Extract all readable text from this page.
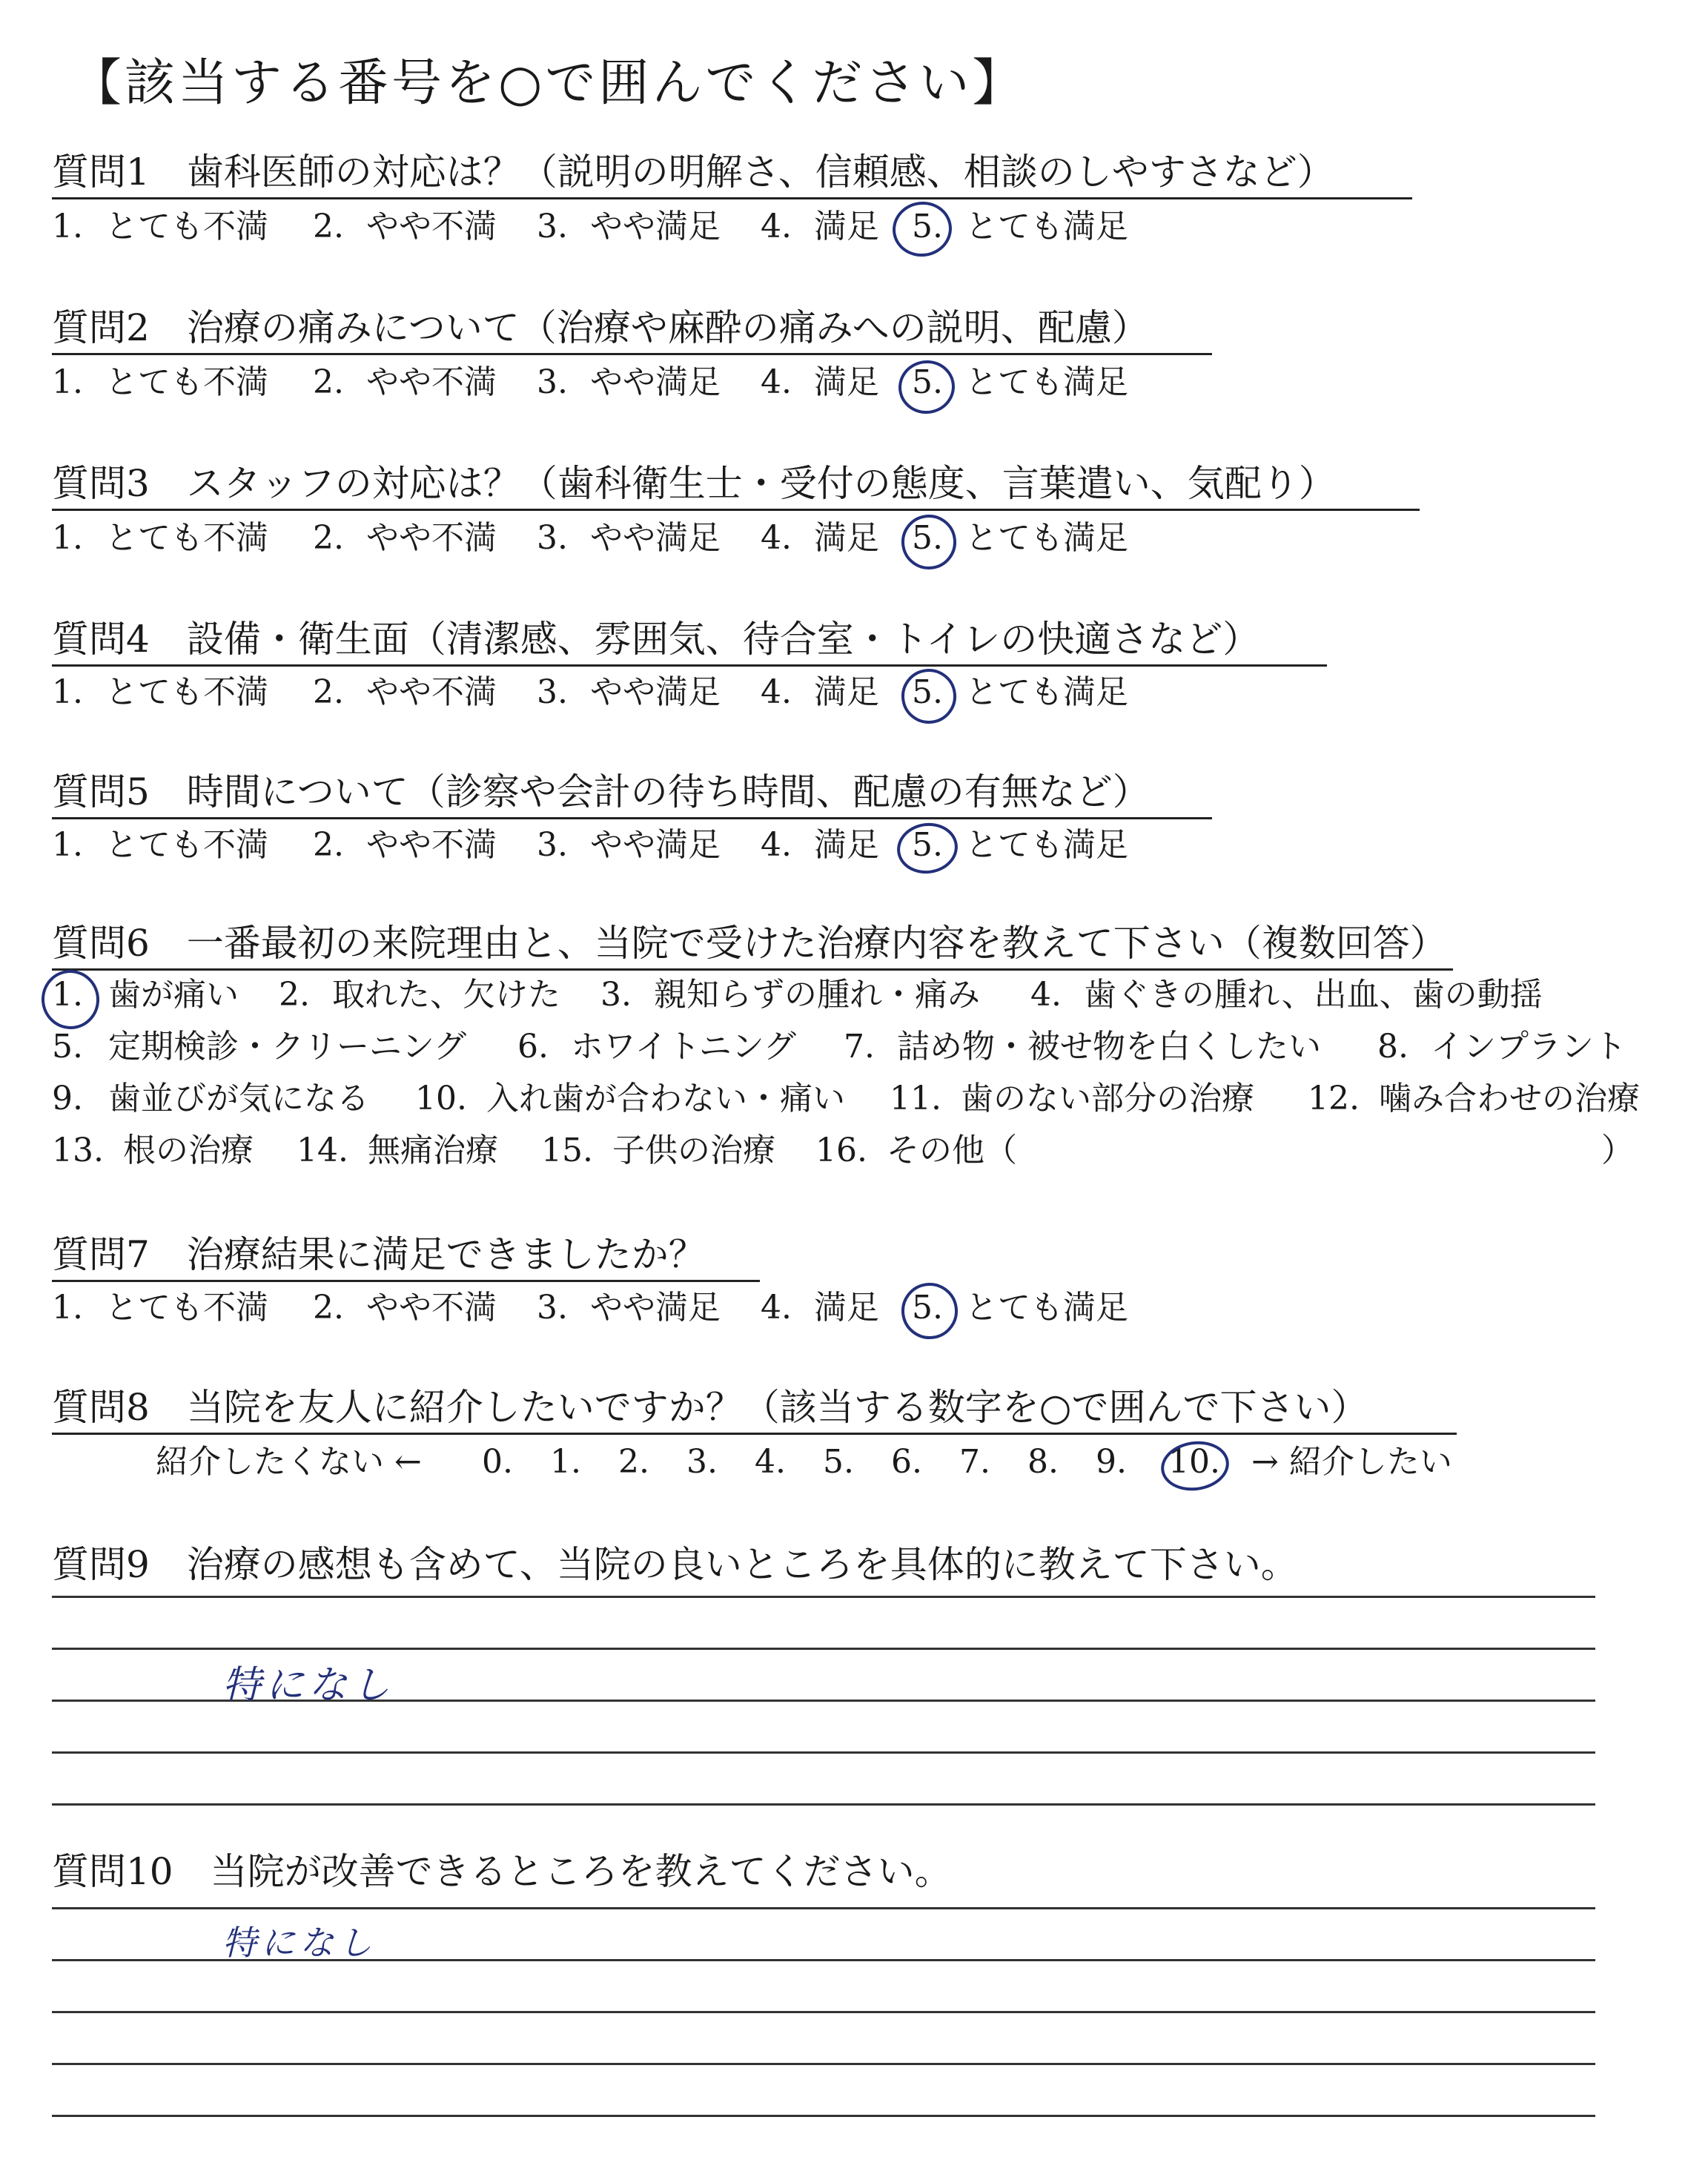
【該当する番号を○で囲んでください】
質問1　歯科医師の対応は？（説明の明解さ、信頼感、相談のしやすさなど）
1. とても不満 2. やや不満 3. やや満足 4. 満足 5. とても満足
質問2　治療の痛みについて（治療や麻酔の痛みへの説明、配慮）
1. とても不満 2. やや不満 3. やや満足 4. 満足 5. とても満足
質問3　スタッフの対応は？（歯科衛生士・受付の態度、言葉遣い、気配り）
1. とても不満 2. やや不満 3. やや満足 4. 満足 5. とても満足
質問4　設備・衛生面（清潔感、雰囲気、待合室・トイレの快適さなど）
1. とても不満 2. やや不満 3. やや満足 4. 満足 5. とても満足
質問5　時間について（診察や会計の待ち時間、配慮の有無など）
1. とても不満 2. やや不満 3. やや満足 4. 満足 5. とても満足
質問6　一番最初の来院理由と、当院で受けた治療内容を教えて下さい（複数回答）
1. 歯が痛い 2. 取れた、欠けた 3. 親知らずの腫れ・痛み 4. 歯ぐきの腫れ、出血、歯の動揺
5. 定期検診・クリーニング 6. ホワイトニング 7. 詰め物・被せ物を白くしたい 8. インプラント
9. 歯並びが気になる 10. 入れ歯が合わない・痛い 11. 歯のない部分の治療 12. 噛み合わせの治療
13. 根の治療 14. 無痛治療 15. 子供の治療 16. その他（	）
質問7　治療結果に満足できましたか？
1. とても不満 2. やや不満 3. やや満足 4. 満足 5. とても満足
質問8　当院を友人に紹介したいですか？（該当する数字を○で囲んで下さい）
紹介したくない ← 0. 1. 2. 3. 4. 5. 6. 7. 8. 9. 10. → 紹介したい
質問9　治療の感想も含めて、当院の良いところを具体的に教えて下さい。
特になし
質問10　当院が改善できるところを教えてください。
特になし
